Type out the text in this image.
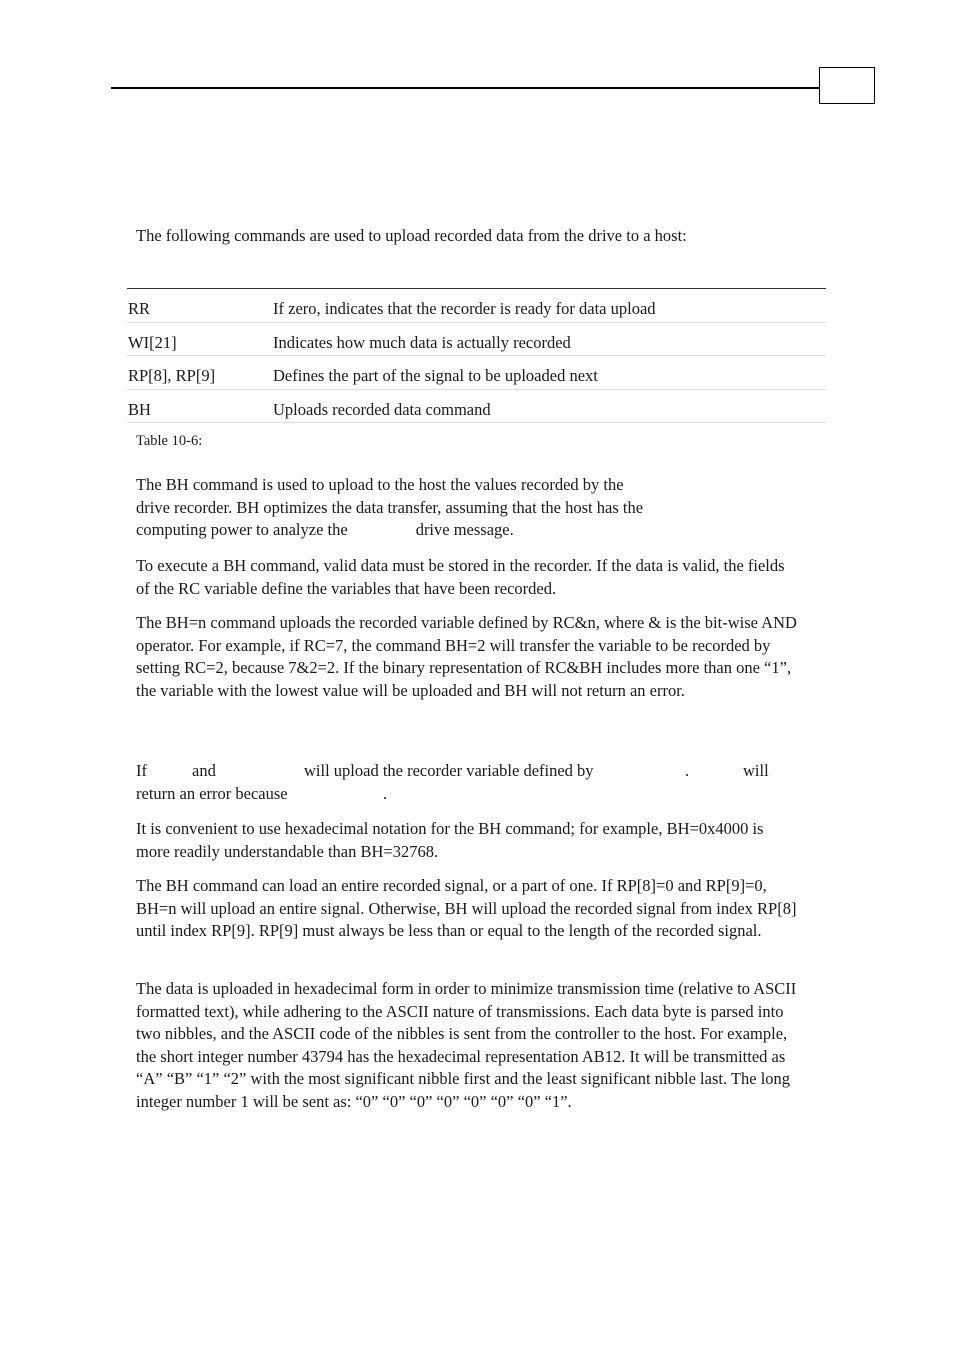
The following commands are used to upload recorded data from the drive to a host:

RR	If zero, indicates that the recorder is ready for data upload
WI[21]	Indicates how much data is actually recorded
RP[8], RP[9]	Defines the part of the signal to be uploaded next
BH	Uploads recorded data command

Table 10-6:

The BH command is used to upload to the host the values recorded by the
drive recorder. BH optimizes the data transfer, assuming that the host has the
computing power to analyze the	drive message.

To execute a BH command, valid data must be stored in the recorder. If the data is valid, the fields of the RC variable define the variables that have been recorded.

The BH=n command uploads the recorded variable defined by RC&n, where & is the bit-wise AND operator. For example, if RC=7, the command BH=2 will transfer the variable to be recorded by setting RC=2, because 7&2=2. If the binary representation of RC&BH includes more than one “1”, the variable with the lowest value will be uploaded and BH will not return an error.

If	and	will upload the recorder variable defined by	.	will
return an error because	.

It is convenient to use hexadecimal notation for the BH command; for example, BH=0x4000 is more readily understandable than BH=32768.

The BH command can load an entire recorded signal, or a part of one. If RP[8]=0 and RP[9]=0, BH=n will upload an entire signal. Otherwise, BH will upload the recorded signal from index RP[8] until index RP[9]. RP[9] must always be less than or equal to the length of the recorded signal.

The data is uploaded in hexadecimal form in order to minimize transmission time (relative to ASCII formatted text), while adhering to the ASCII nature of transmissions. Each data byte is parsed into two nibbles, and the ASCII code of the nibbles is sent from the controller to the host. For example, the short integer number 43794 has the hexadecimal representation AB12. It will be transmitted as “A” “B” “1” “2” with the most significant nibble first and the least significant nibble last. The long integer number 1 will be sent as: “0” “0” “0” “0” “0” “0” “0” “1”.
